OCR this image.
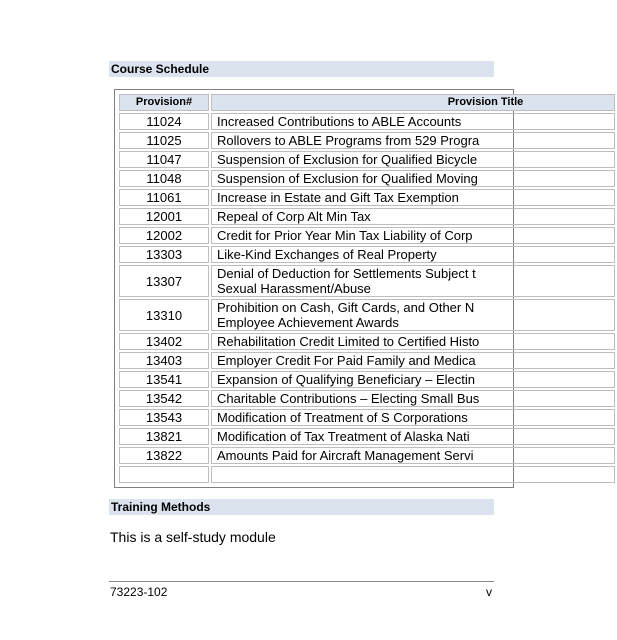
Course Schedule
Provision#	Provision Title
11024	Increased Contributions to ABLE Accounts

11025	Rollovers to ABLE Programs from 529 Progra

11047	Suspension of Exclusion for Qualified Bicycle

11048	Suspension of Exclusion for Qualified Moving

11061	Increase in Estate and Gift Tax Exemption

12001	Repeal of Corp Alt Min Tax

12002	Credit for Prior Year Min Tax Liability of Corp

13303	Like-Kind Exchanges of Real Property

13307	Denial of Deduction for Settlements Subject t
Sexual Harassment/Abuse

13310	Prohibition on Cash, Gift Cards, and Other N
Employee Achievement Awards

13402	Rehabilitation Credit Limited to Certified Histo

13403	Employer Credit For Paid Family and Medica

13541	Expansion of Qualifying Beneficiary – Electin

13542	Charitable Contributions – Electing Small Bus

13543	Modification of Treatment of S Corporations

13821	Modification of Tax Treatment of Alaska Nati

13822	Amounts Paid for Aircraft Management Servi

Training Methods
This is a self-study module
73223-102	v
